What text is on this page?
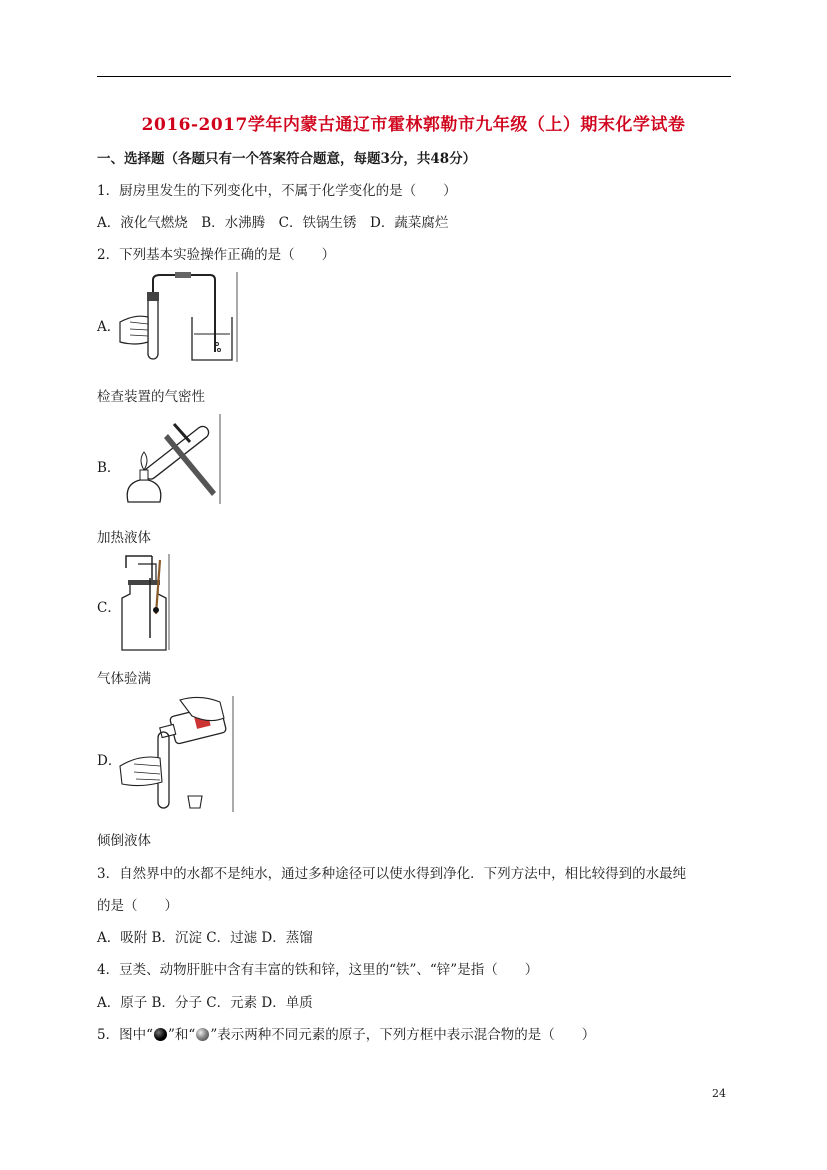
2016-2017学年内蒙古通辽市霍林郭勒市九年级（上）期末化学试卷
一、选择题（各题只有一个答案符合题意，每题3分，共48分）
1．厨房里发生的下列变化中，不属于化学变化的是（　　）
A．液化气燃烧　B．水沸腾　C．铁锅生锈　D．蔬菜腐烂
2．下列基本实验操作正确的是（　　）
A．
检查装置的气密性
B．
加热液体
C．
气体验满
D．
倾倒液体
3．自然界中的水都不是纯水，通过多种途径可以使水得到净化．下列方法中，相比较得到的水最纯
的是（　　）
A．吸附 B．沉淀 C．过滤 D．蒸馏
4．豆类、动物肝脏中含有丰富的铁和锌，这里的“铁”、“锌”是指（　　）
A．原子 B．分子 C．元素 D．单质
5．图中“ ”和“ ”表示两种不同元素的原子，下列方框中表示混合物的是（　　）
24
